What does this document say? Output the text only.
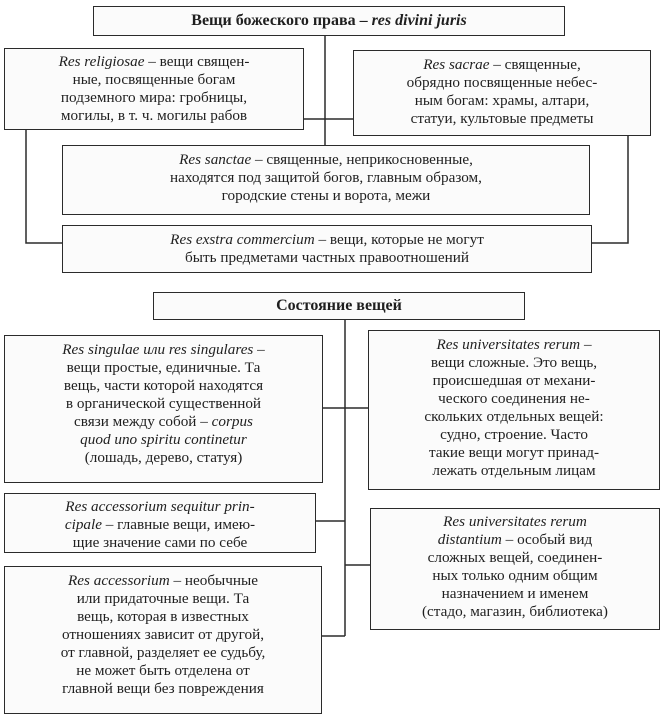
Вещи божеского права – res divini juris

Res religiosae – вещи священ-
ные, посвященные богам
подземного мира: гробницы,
могилы, в т. ч. могилы рабов

Res sacrae – священные,
обрядно посвященные небес-
ным богам: храмы, алтари,
статуи, культовые предметы

Res sanctae – священные, неприкосновенные,
находятся под защитой богов, главным образом,
городские стены и ворота, межи

Res exstra commercium – вещи, которые не могут
быть предметами частных правоотношений

Состояние вещей

Res singulae или res singulares –
вещи простые, единичные. Та
вещь, части которой находятся
в органической существенной
связи между собой – corpus
quod uno spiritu continetur
(лошадь, дерево, статуя)

Res universitates rerum –
вещи сложные. Это вещь,
происшедшая от механи-
ческого соединения не-
скольких отдельных вещей:
судно, строение. Часто
такие вещи могут принад-
лежать отдельным лицам

Res accessorium sequitur prin-
cipale – главные вещи, имею-
щие значение сами по себе

Res universitates rerum
distantium – особый вид
сложных вещей, соединен-
ных только одним общим
назначением и именем
(стадо, магазин, библиотека)

Res accessorium – необычные
или придаточные вещи. Та
вещь, которая в известных
отношениях зависит от другой,
от главной, разделяет ее судьбу,
не может быть отделена от
главной вещи без повреждения
